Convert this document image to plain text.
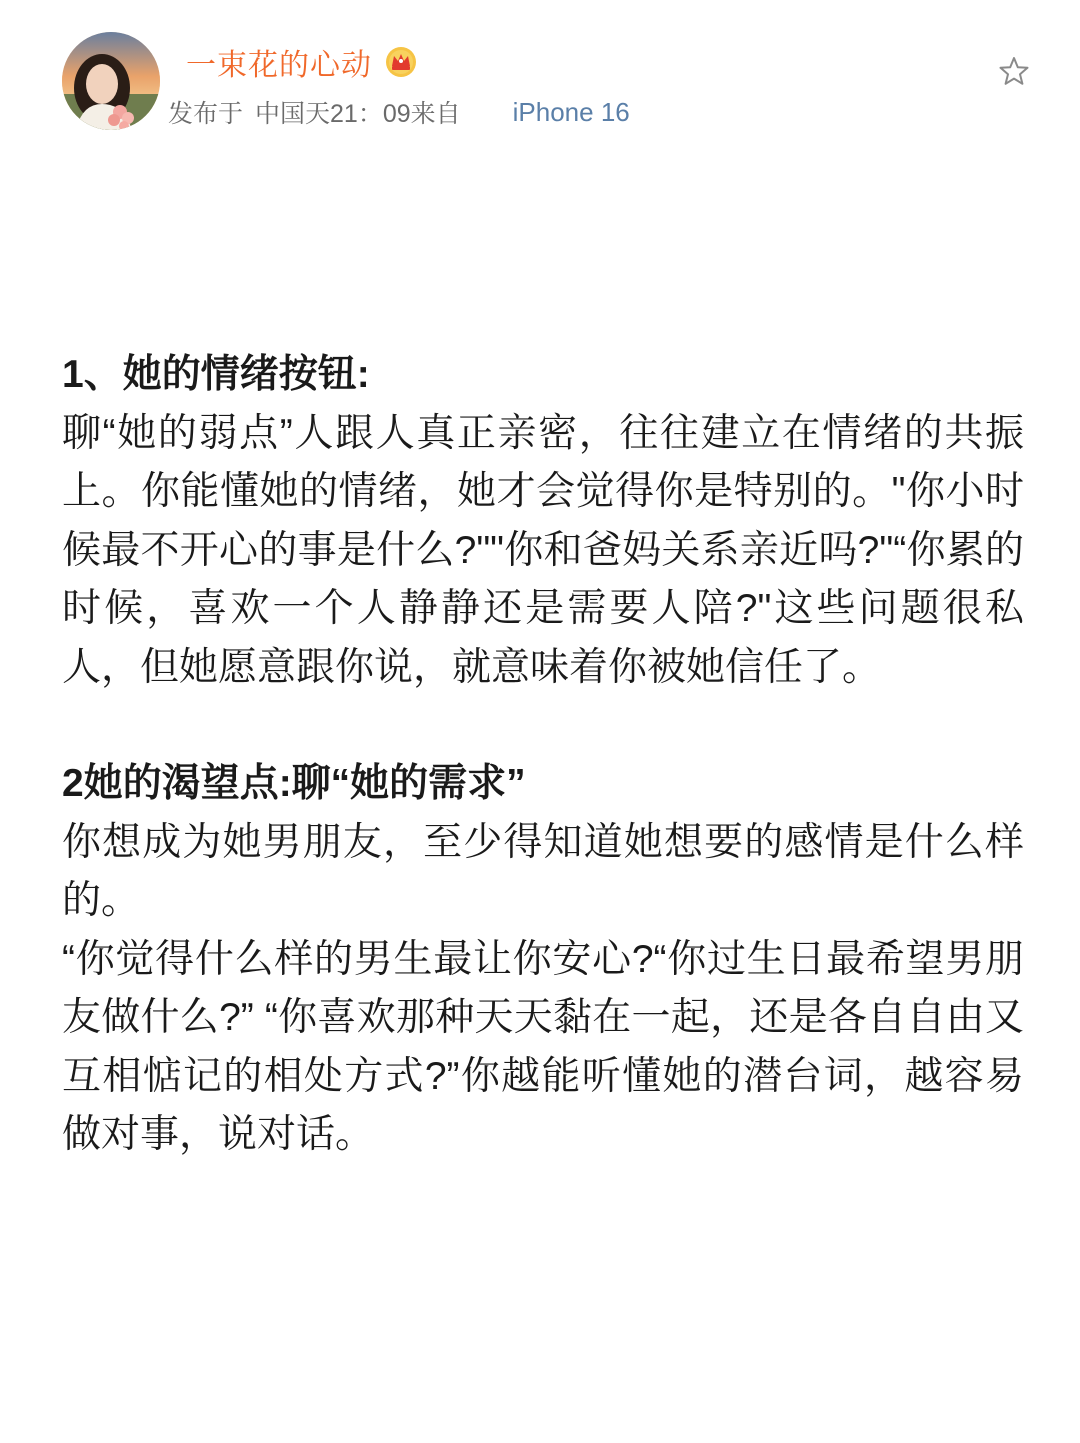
一束花的心动
发布于 中国天21：09来自 iPhone 16

1、她的情绪按钮:

聊“她的弱点”人跟人真正亲密，往往建立在情绪的共振上。你能懂她的情绪，她才会觉得你是特别的。"你小时候最不开心的事是什么?""你和爸妈关系亲近吗?"“你累的时候，喜欢一个人静静还是需要人陪?"这些问题很私人，但她愿意跟你说，就意味着你被她信任了。

2她的渴望点:聊“她的需求”

你想成为她男朋友，至少得知道她想要的感情是什么样的。

“你觉得什么样的男生最让你安心?“你过生日最希望男朋友做什么?” “你喜欢那种天天黏在一起，还是各自自由又互相惦记的相处方式?”你越能听懂她的潜台词，越容易做对事，说对话。
